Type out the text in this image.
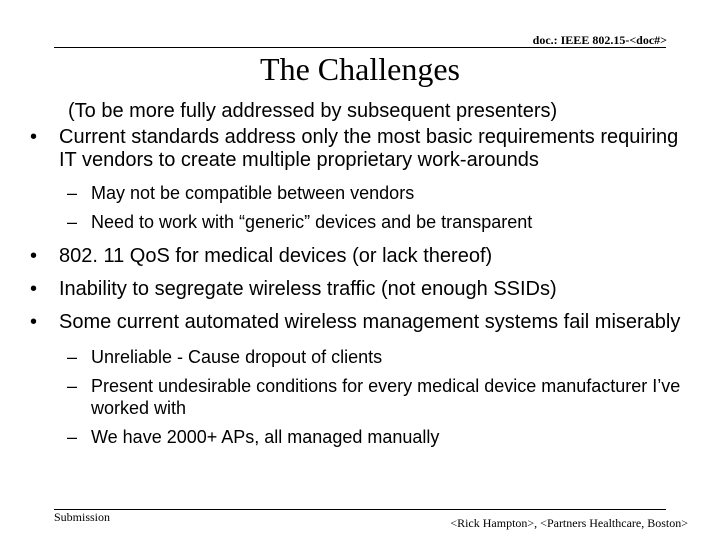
doc.: IEEE 802.15-<doc#>
The Challenges
(To be more fully addressed by subsequent presenters)
• Current standards address only the most basic requirements requiring IT vendors to create multiple proprietary work-arounds
– May not be compatible between vendors
– Need to work with “generic” devices and be transparent
• 802. 11 QoS for medical devices (or lack thereof)
• Inability to segregate wireless traffic (not enough SSIDs)
• Some current automated wireless management systems fail miserably
– Unreliable - Cause dropout of clients
– Present undesirable conditions for every medical device manufacturer I’ve worked with
– We have 2000+ APs, all managed manually
Submission	<Rick Hampton>, <Partners Healthcare, Boston>
